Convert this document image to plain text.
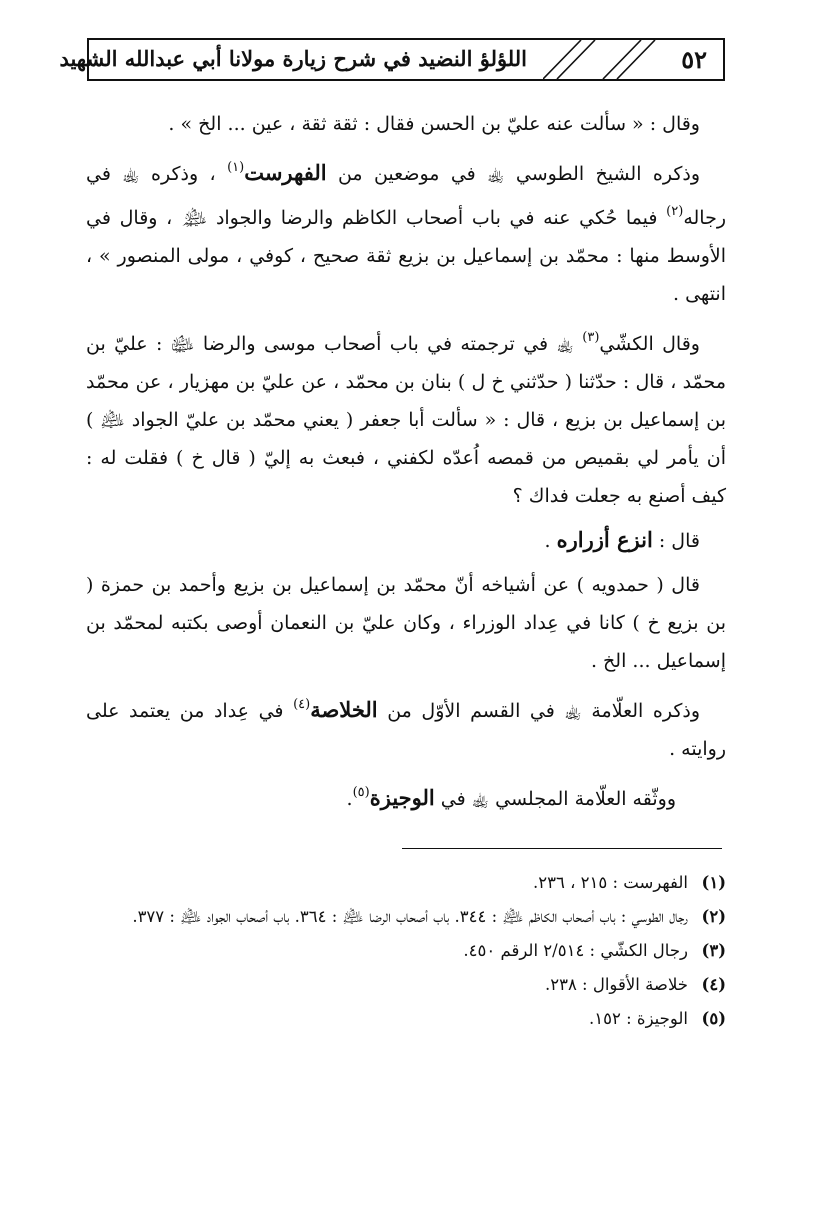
٥٢
اللؤلؤ النضيد في شرح زيارة مولانا أبي عبدالله الشهيد

وقال : « سألت عنه عليّ بن الحسن فقال : ثقة ثقة ، عين ... الخ » .

وذكره الشيخ الطوسي ﵀ في موضعين من الفهرست$^{(١)}$ ، وذكره ﵀ في رجاله$^{(٢)}$ فيما حُكي عنه في باب أصحاب الكاظم والرضا والجواد ﵈ ، وقال في الأوسط منها : محمّد بن إسماعيل بن بزيع ثقة صحيح ، كوفي ، مولى المنصور » ، انتهى .

وقال الكشّي$^{(٣)}$ ﵀ في ترجمته في باب أصحاب موسى والرضا ﵉ : عليّ بن محمّد ، قال : حدّثنا ( حدّثني خ ل ) بنان بن محمّد ، عن عليّ بن مهزيار ، عن محمّد بن إسماعيل بن بزيع ، قال : « سألت أبا جعفر ( يعني محمّد بن عليّ الجواد ﵇ ) أن يأمر لي بقميص من قمصه اُعدّه لكفني ، فبعث به إليّ ( قال خ ) فقلت له : كيف أصنع به جعلت فداك ؟

قال : انزع أزراره .

قال ( حمدويه ) عن أشياخه أنّ محمّد بن إسماعيل بن بزيع وأحمد بن حمزة ( بن بزيع خ ) كانا في عِداد الوزراء ، وكان عليّ بن النعمان أوصى بكتبه لمحمّد بن إسماعيل ... الخ .

وذكره العلّامة ﵀ في القسم الأوّل من الخلاصة$^{(٤)}$ في عِداد من يعتمد على روايته .

ووثّقه العلّامة المجلسي ﵀ في الوجيزة$^{(٥)}$.

(١)
الفهرست : ٢١٥ ، ٢٣٦.
(٢)
رجال الطوسي : باب أصحاب الكاظم ﵇ : ٣٤٤. باب أصحاب الرضا ﵇ : ٣٦٤. باب أصحاب الجواد ﵇ : ٣٧٧.
(٣)
رجال الكشّي : ٢/٥١٤ الرقم ٤٥٠.
(٤)
خلاصة الأقوال : ٢٣٨.
(٥)
الوجيزة : ١٥٢.
